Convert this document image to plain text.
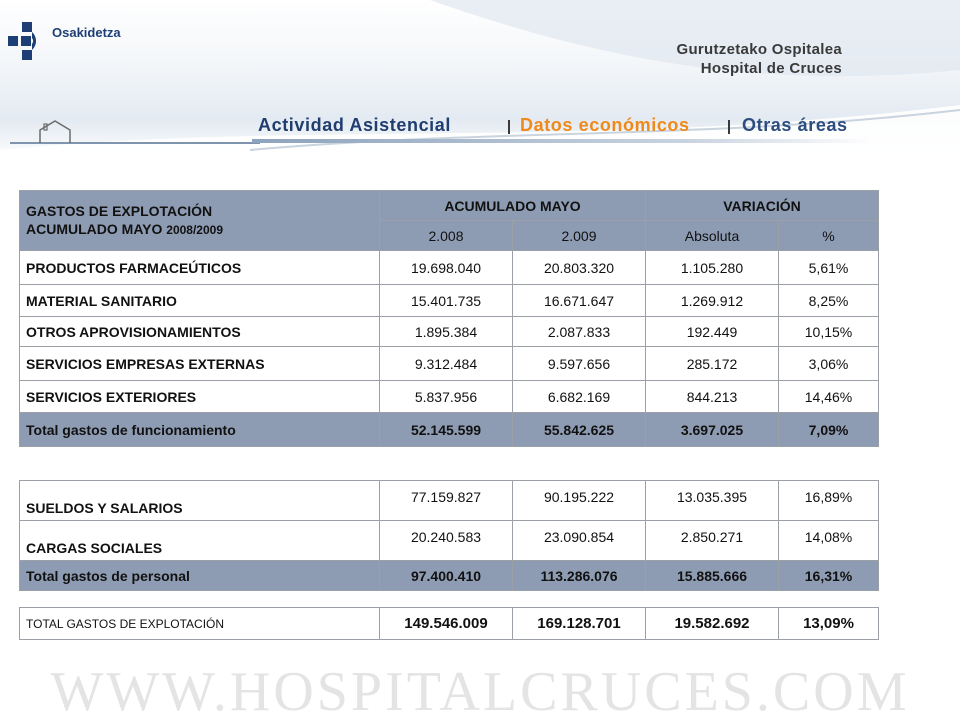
Osakidetza
Gurutzetako Ospitalea
Hospital de Cruces
Actividad Asistencial	Datos económicos	Otras áreas
GASTOS DE EXPLOTACIÓN
ACUMULADO MAYO 2008/2009	ACUMULADO MAYO		VARIACIÓN	
	2.008	2.009	Absoluta	%
PRODUCTOS FARMACEÚTICOS	19.698.040	20.803.320	1.105.280	5,61%
MATERIAL SANITARIO	15.401.735	16.671.647	1.269.912	8,25%
OTROS APROVISIONAMIENTOS	1.895.384	2.087.833	192.449	10,15%
SERVICIOS EMPRESAS EXTERNAS	9.312.484	9.597.656	285.172	3,06%
SERVICIOS EXTERIORES	5.837.956	6.682.169	844.213	14,46%
Total gastos de funcionamiento	52.145.599	55.842.625	3.697.025	7,09%
SUELDOS Y SALARIOS	77.159.827	90.195.222	13.035.395	16,89%
CARGAS SOCIALES	20.240.583	23.090.854	2.850.271	14,08%
Total gastos de personal	97.400.410	113.286.076	15.885.666	16,31%
TOTAL GASTOS DE EXPLOTACIÓN	149.546.009	169.128.701	19.582.692	13,09%
WWW.HOSPITALCRUCES.COM
